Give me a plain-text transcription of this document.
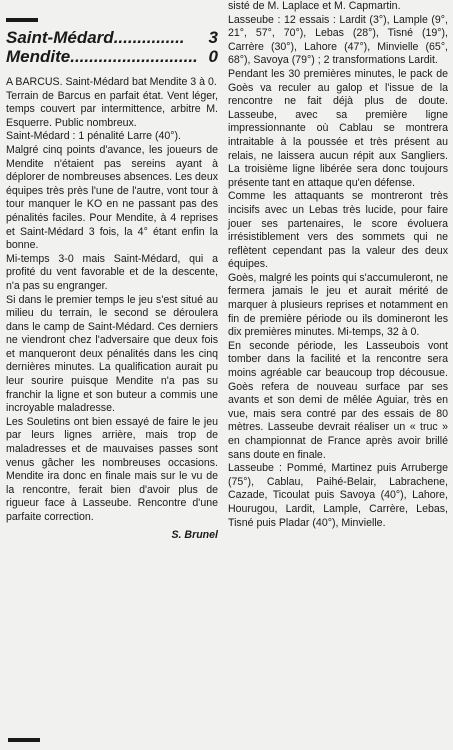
Saint-Médard ...............	3
Mendite ........................... 0

A BARCUS. Saint-Médard bat Mendite 3 à 0.

Terrain de Barcus en parfait état. Vent léger, temps couvert par intermittence, arbitre M. Esquerre. Public nombreux.

Saint-Médard : 1 pénalité Larre (40°).

Malgré cinq points d'avance, les joueurs de Mendite n'étaient pas sereins ayant à déplorer de nombreuses absences. Les deux équipes très près l'une de l'autre, vont tour à tour manquer le KO en ne passant pas des pénalités faciles. Pour Mendite, à 4 reprises et Saint-Médard 3 fois, la 4° étant enfin la bonne.

Mi-temps 3-0 mais Saint-Médard, qui a profité du vent favorable et de la descente, n'a pas su engranger.

Si dans le premier temps le jeu s'est situé au milieu du terrain, le second se déroulera dans le camp de Saint-Médard. Ces derniers ne viendront chez l'adversaire que deux fois et manqueront deux pénalités dans les cinq dernières minutes. La qualification aurait pu leur sourire puisque Mendite n'a pas su franchir la ligne et son buteur a commis une incroyable maladresse.

Les Souletins ont bien essayé de faire le jeu par leurs lignes arrière, mais trop de maladresses et de mauvaises passes sont venus gâcher les nombreuses occasions. Mendite ira donc en finale mais sur le vu de la rencontre, ferait bien d'avoir plus de rigueur face à Lasseube. Rencontre d'une parfaite correction.

S. Brunel

sisté de M. Laplace et M. Capmartin.

Lasseube : 12 essais : Lardit (3°), Lample (9°, 21°, 57°, 70°), Lebas (28°), Tisné (19°), Carrère (30°), Lahore (47°), Minvielle (65°, 68°), Savoya (79°) ; 2 transformations Lardit.

Pendant les 30 premières minutes, le pack de Goès va reculer au galop et l'issue de la rencontre ne fait déjà plus de doute. Lasseube, avec sa première ligne impressionnante où Cablau se montrera intraitable à la poussée et très présent au relais, ne laissera aucun répit aux Sangliers. La troisième ligne libérée sera donc toujours présente tant en attaque qu'en défense.

Comme les attaquants se montreront très incisifs avec un Lebas très lucide, pour faire jouer ses partenaires, le score évoluera irrésistiblement vers des sommets qui ne reflètent cependant pas la valeur des deux équipes.

Goès, malgré les points qui s'accumuleront, ne fermera jamais le jeu et aurait mérité de marquer à plusieurs reprises et notamment en fin de première période ou ils domineront les dix premières minutes. Mi-temps, 32 à 0.

En seconde période, les Lasseubois vont tomber dans la facilité et la rencontre sera moins agréable car beaucoup trop décousue. Goès refera de nouveau surface par ses avants et son demi de mêlée Aguiar, très en vue, mais sera contré par des essais de 80 mètres. Lasseube devrait réaliser un « truc » en championnat de France après avoir brillé sans doute en finale.

Lasseube : Pommé, Martinez puis Arruberge (75°), Cablau, Paihé-Belair, Labrachene, Cazade, Ticoulat puis Savoya (40°), Lahore, Hourugou, Lardit, Lample, Carrère, Lebas, Tisné puis Pladar (40°), Minvielle.
